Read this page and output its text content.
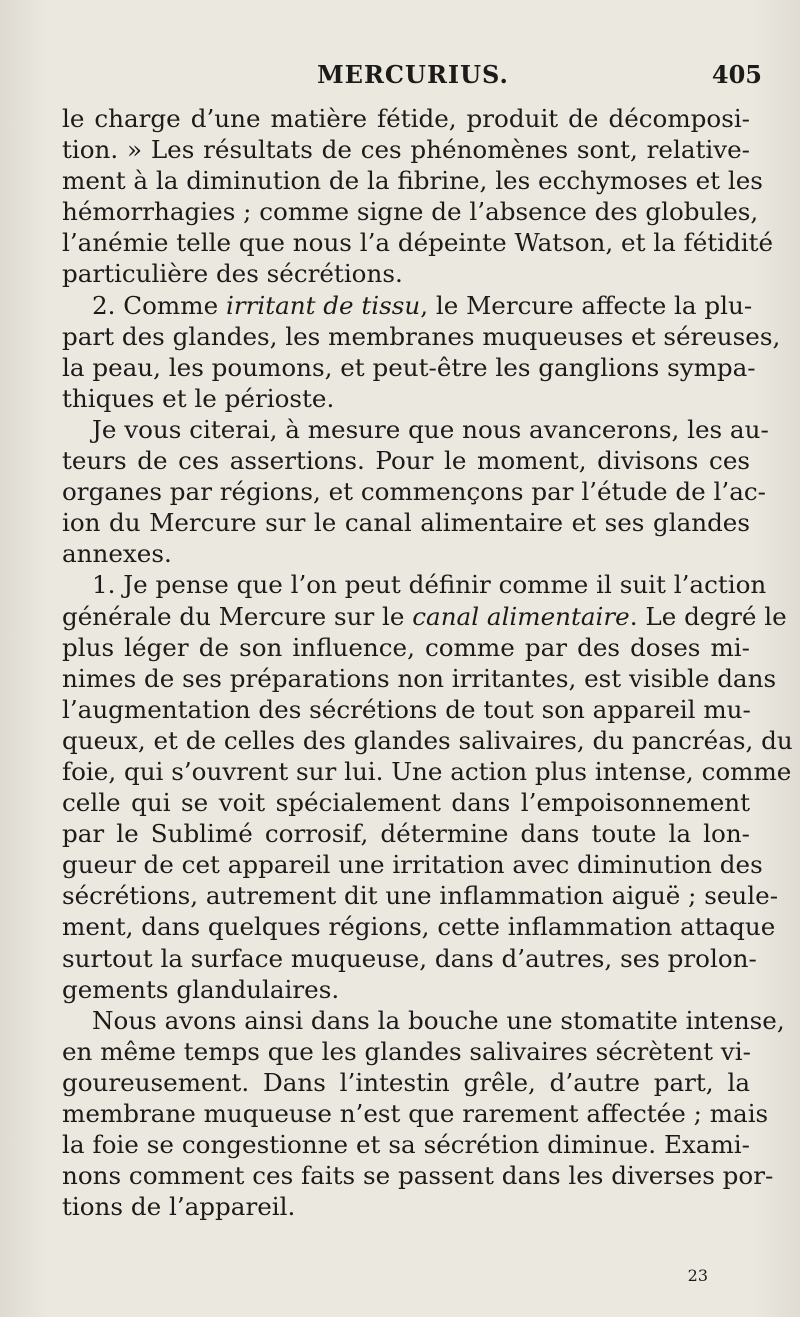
MERCURIUS.	405

le charge d’une matière fétide, produit de décomposi-
tion. » Les résultats de ces phénomènes sont, relative-
ment à la diminution de la fibrine, les ecchymoses et les
hémorrhagies ; comme signe de l’absence des globules,
l’anémie telle que nous l’a dépeinte Watson, et la fétidité
particulière des sécrétions.

2. Comme irritant de tissu, le Mercure affecte la plu-
part des glandes, les membranes muqueuses et séreuses,
la peau, les poumons, et peut-être les ganglions sympa-
thiques et le périoste.

Je vous citerai, à mesure que nous avancerons, les au-
teurs de ces assertions. Pour le moment, divisons ces
organes par régions, et commençons par l’étude de l’ac-
ion du Mercure sur le canal alimentaire et ses glandes
annexes.

1. Je pense que l’on peut définir comme il suit l’action
générale du Mercure sur le canal alimentaire. Le degré le
plus léger de son influence, comme par des doses mi-
nimes de ses préparations non irritantes, est visible dans
l’augmentation des sécrétions de tout son appareil mu-
queux, et de celles des glandes salivaires, du pancréas, du
foie, qui s’ouvrent sur lui. Une action plus intense, comme
celle qui se voit spécialement dans l’empoisonnement
par le Sublimé corrosif, détermine dans toute la lon-
gueur de cet appareil une irritation avec diminution des
sécrétions, autrement dit une inflammation aiguë ; seule-
ment, dans quelques régions, cette inflammation attaque
surtout la surface muqueuse, dans d’autres, ses prolon-
gements glandulaires.

Nous avons ainsi dans la bouche une stomatite intense,
en même temps que les glandes salivaires sécrètent vi-
goureusement. Dans l’intestin grêle, d’autre part, la
membrane muqueuse n’est que rarement affectée ; mais
la foie se congestionne et sa sécrétion diminue. Exami-
nons comment ces faits se passent dans les diverses por-
tions de l’appareil.

23
